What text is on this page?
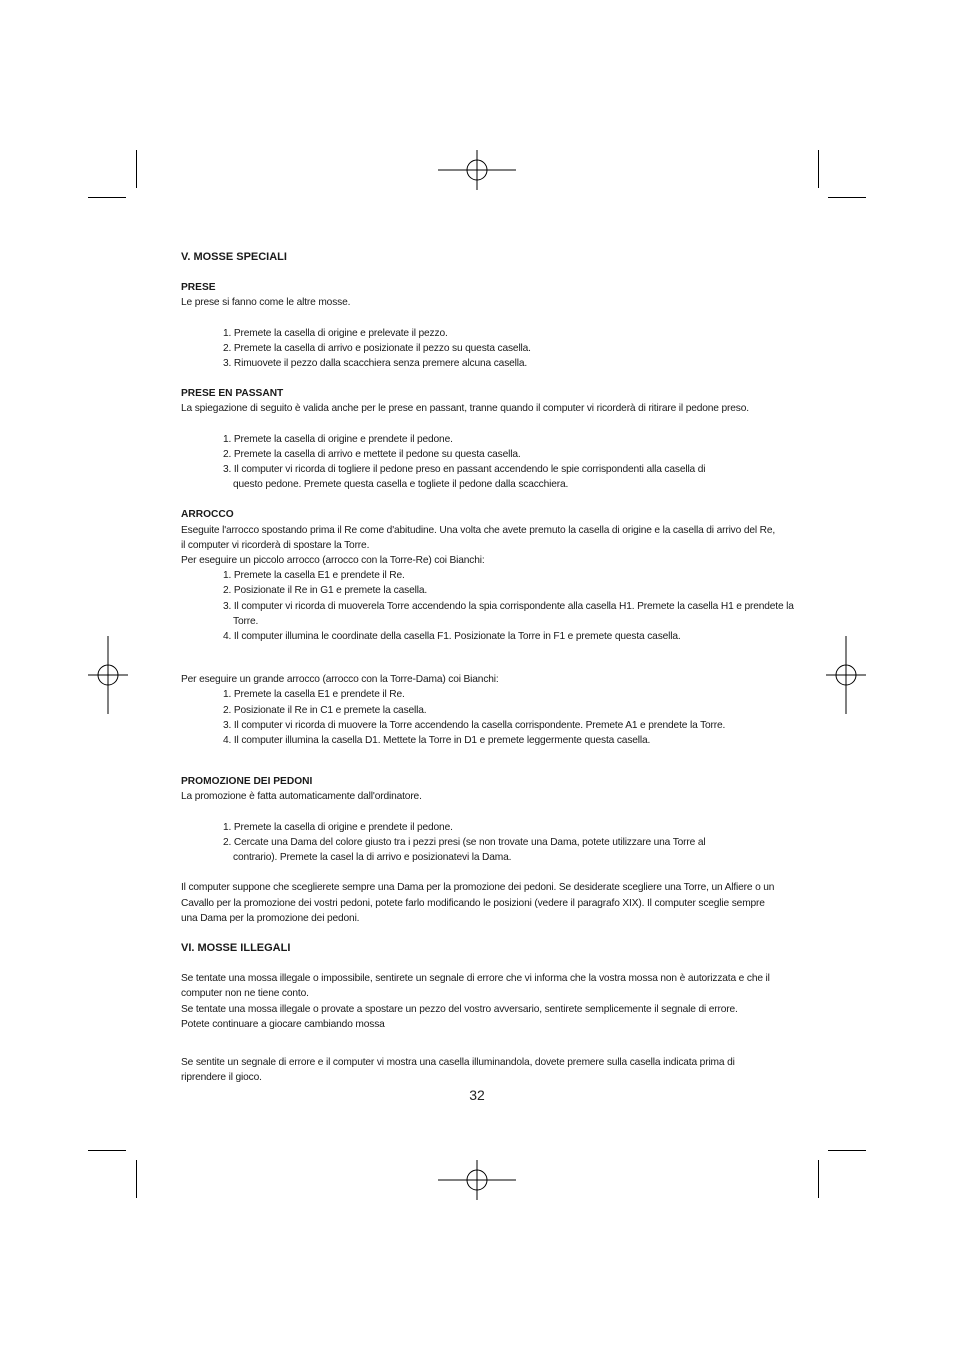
V. MOSSE SPECIALI

PRESE

Le prese si fanno come le altre mosse.

1. Premete la casella di origine e prelevate il pezzo.
2. Premete la casella di arrivo e posizionate il pezzo su questa casella.
3. Rimuovete il pezzo dalla scacchiera senza premere alcuna casella.

PRESE EN PASSANT

La spiegazione di seguito è valida anche per le prese en passant, tranne quando il computer vi ricorderà di ritirare il pedone preso.

1. Premete la casella di origine e prendete il pedone.
2. Premete la casella di arrivo e mettete il pedone su questa casella.
3. Il computer vi ricorda di togliere il pedone preso en passant accendendo le spie corrispondenti alla casella di questo pedone. Premete questa casella e togliete il pedone dalla scacchiera.

ARROCCO

Eseguite l'arrocco spostando prima il Re come d'abitudine. Una volta che avete premuto la casella di origine e la casella di arrivo del Re, il computer vi ricorderà di spostare la Torre.

Per eseguire un piccolo arrocco (arrocco con la Torre-Re) coi Bianchi:

1. Premete la casella E1 e prendete il Re.
2. Posizionate il Re in G1 e premete la casella.
3. Il computer vi ricorda di muoverela Torre accendendo la spia corrispondente alla casella H1. Premete la casella H1 e prendete la Torre.
4. Il computer illumina le coordinate della casella F1. Posizionate la Torre in F1 e premete questa casella.

Per eseguire un grande arrocco (arrocco con la Torre-Dama) coi Bianchi:

1. Premete la casella E1 e prendete il Re.
2. Posizionate il Re in C1 e premete la casella.
3. Il computer vi ricorda di muovere la Torre accendendo la casella corrispondente. Premete A1 e prendete la Torre.
4. Il computer illumina la casella D1. Mettete la Torre in D1 e premete leggermente questa casella.

PROMOZIONE DEI PEDONI

La promozione è fatta automaticamente dall'ordinatore.

1. Premete la casella di origine e prendete il pedone.
2. Cercate una Dama del colore giusto tra i pezzi presi (se non trovate una Dama, potete utilizzare una Torre al contrario). Premete la casel la di arrivo e posizionatevi la Dama.

Il computer suppone che sceglierete sempre una Dama per la promozione dei pedoni. Se desiderate scegliere una Torre, un Alfiere o un Cavallo per la promozione dei vostri pedoni, potete farlo modificando le posizioni (vedere il paragrafo XIX). Il computer sceglie sempre una Dama per la promozione dei pedoni.

VI. MOSSE ILLEGALI

Se tentate una mossa illegale o impossibile, sentirete un segnale di errore che vi informa che la vostra mossa non è autorizzata e che il computer non ne tiene conto.

Se tentate una mossa illegale o provate a spostare un pezzo del vostro avversario, sentirete semplicemente il segnale di errore.

Potete continuare a giocare cambiando mossa

Se sentite un segnale di errore e il computer vi mostra una casella illuminandola, dovete premere sulla casella indicata prima di riprendere il gioco.

32
